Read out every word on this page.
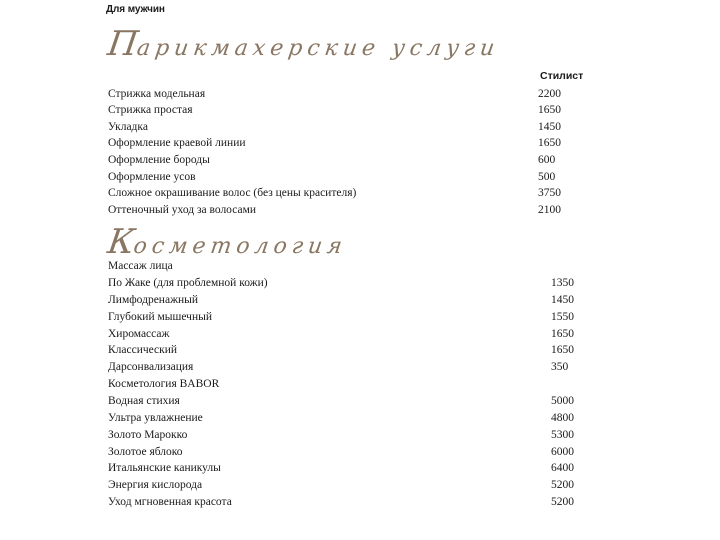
Для мужчин
Парикмахерские услуги
Стилист
Стрижка модельная	2200
Стрижка простая	1650
Укладка	1450
Оформление краевой линии	1650
Оформление бороды	600
Оформление усов	500
Сложное окрашивание волос (без цены красителя)	3750
Оттеночный уход за волосами	2100
Косметология
Массаж лица
По Жаке (для проблемной кожи)	1350
Лимфодренажный	1450
Глубокий мышечный	1550
Хиромассаж	1650
Классический	1650
Дарсонвализация	350
Косметология BABOR
Водная стихия	5000
Ультра увлажнение	4800
Золото Марокко	5300
Золотое яблоко	6000
Итальянские каникулы	6400
Энергия кислорода	5200
Уход мгновенная красота	5200
